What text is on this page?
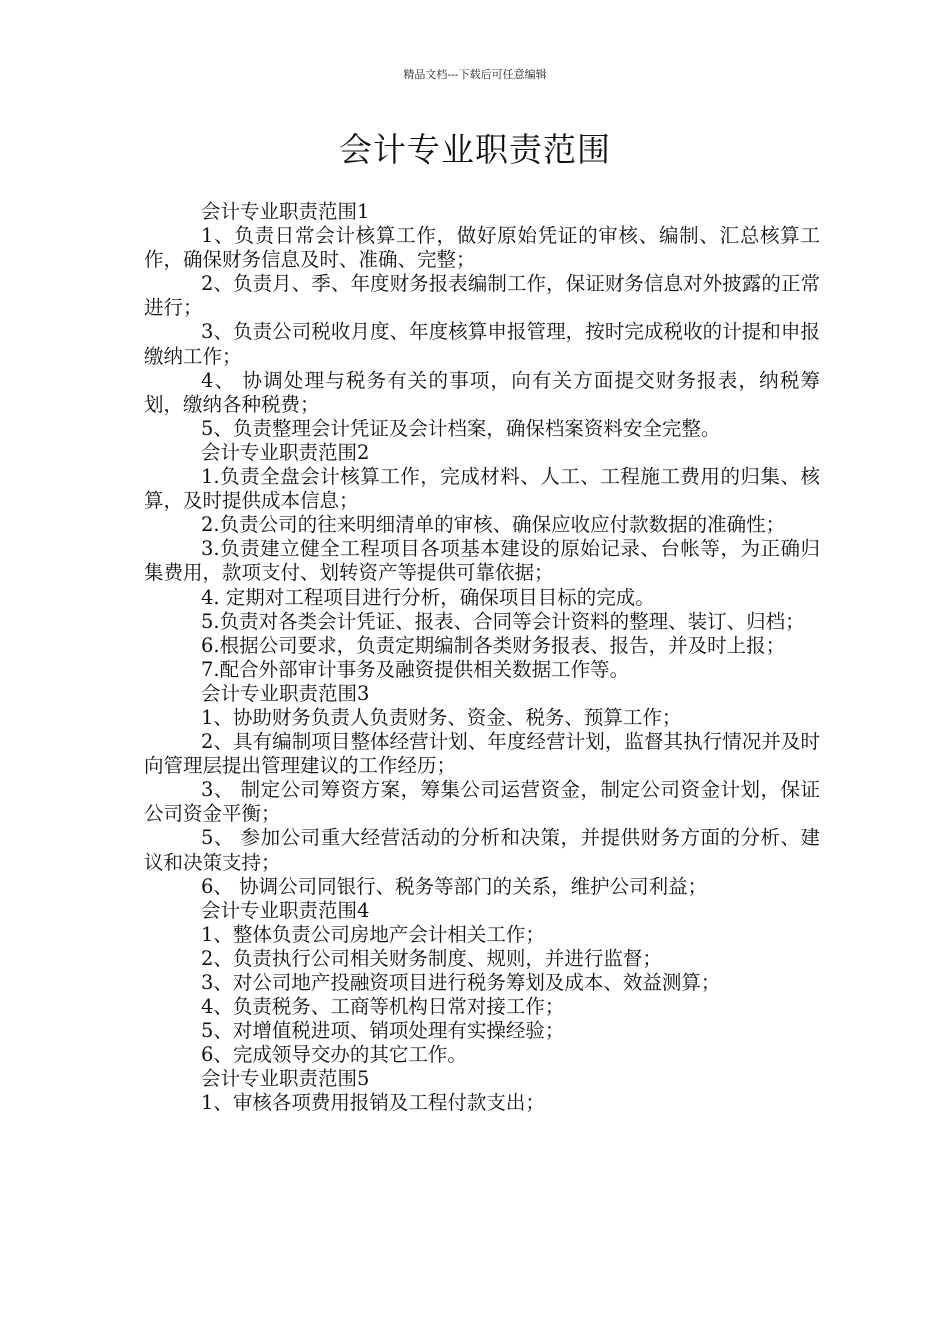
精品文档---下载后可任意编辑
会计专业职责范围

会计专业职责范围1

1、负责日常会计核算工作，做好原始凭证的审核、编制、汇总核算工作，确保财务信息及时、准确、完整；

2、负责月、季、年度财务报表编制工作，保证财务信息对外披露的正常进行；

3、负责公司税收月度、年度核算申报管理，按时完成税收的计提和申报缴纳工作；

4、 协调处理与税务有关的事项，向有关方面提交财务报表，纳税筹划，缴纳各种税费；

5、负责整理会计凭证及会计档案，确保档案资料安全完整。

会计专业职责范围2

1.负责全盘会计核算工作，完成材料、人工、工程施工费用的归集、核算，及时提供成本信息；

2.负责公司的往来明细清单的审核、确保应收应付款数据的准确性；

3.负责建立健全工程项目各项基本建设的原始记录、台帐等，为正确归集费用，款项支付、划转资产等提供可靠依据；

4. 定期对工程项目进行分析，确保项目目标的完成。

5.负责对各类会计凭证、报表、合同等会计资料的整理、装订、归档；

6.根据公司要求，负责定期编制各类财务报表、报告，并及时上报；

7.配合外部审计事务及融资提供相关数据工作等。

会计专业职责范围3

1、协助财务负责人负责财务、资金、税务、预算工作；

2、具有编制项目整体经营计划、年度经营计划，监督其执行情况并及时向管理层提出管理建议的工作经历；

3、 制定公司筹资方案，筹集公司运营资金，制定公司资金计划，保证公司资金平衡；

5、 参加公司重大经营活动的分析和决策，并提供财务方面的分析、建议和决策支持；

6、 协调公司同银行、税务等部门的关系，维护公司利益；

会计专业职责范围4

1、整体负责公司房地产会计相关工作；

2、负责执行公司相关财务制度、规则，并进行监督；

3、对公司地产投融资项目进行税务筹划及成本、效益测算；

4、负责税务、工商等机构日常对接工作；

5、对增值税进项、销项处理有实操经验；

6、完成领导交办的其它工作。

会计专业职责范围5

1、审核各项费用报销及工程付款支出；
